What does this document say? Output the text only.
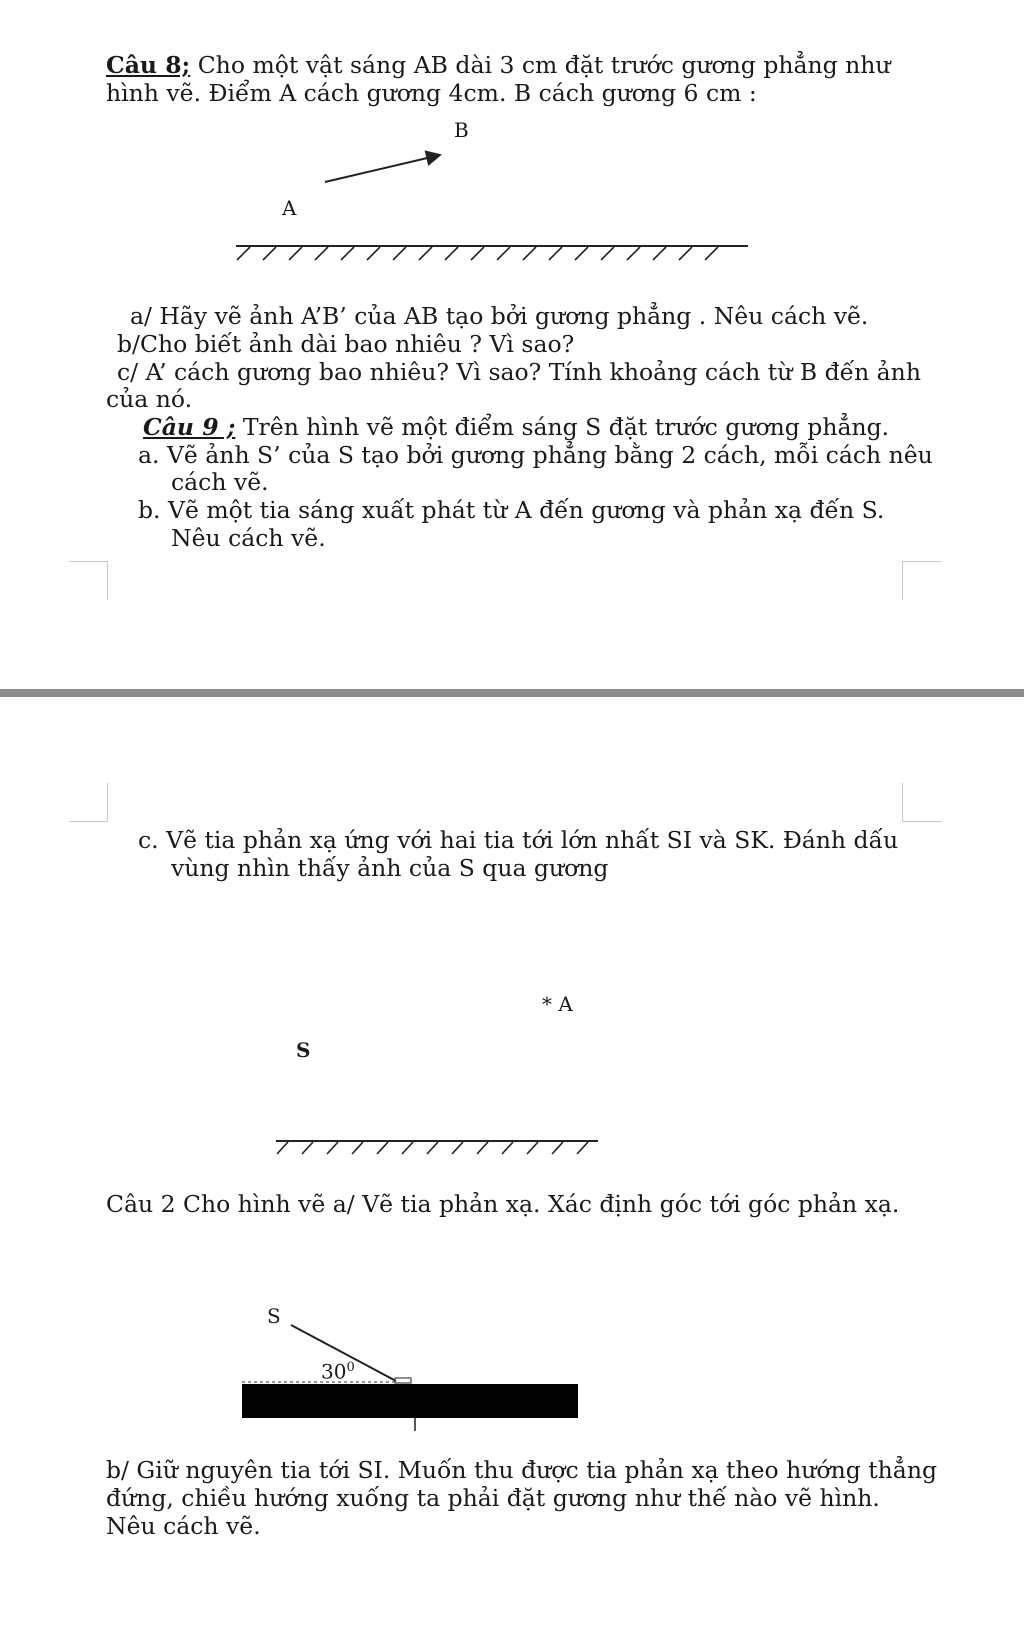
Câu 8; Cho một vật sáng AB dài 3 cm đặt trước gương phẳng như
hình vẽ. Điểm A cách gương 4cm. B cách gương 6 cm :
B
A
a/ Hãy vẽ ảnh A’B’ của AB tạo bởi gương phẳng . Nêu cách vẽ.
b/Cho biết ảnh dài bao nhiêu ? Vì sao?
c/ A’ cách gương bao nhiêu? Vì sao? Tính khoảng cách từ B đến ảnh
của nó.
Câu 9 ; Trên hình vẽ một điểm sáng S đặt trước gương phẳng.
a. Vẽ ảnh S’ của S tạo bởi gương phẳng bằng 2 cách, mỗi cách nêu
cách vẽ.
b. Vẽ một tia sáng xuất phát từ A đến gương và phản xạ đến S.
Nêu cách vẽ.
c. Vẽ tia phản xạ ứng với hai tia tới lớn nhất SI và SK. Đánh dấu
vùng nhìn thấy ảnh của S qua gương
* A
S
Câu 2 Cho hình vẽ a/ Vẽ tia phản xạ. Xác định góc tới góc phản xạ.
S
$30^0$
b/ Giữ nguyên tia tới SI. Muốn thu được tia phản xạ theo hướng thẳng
đứng, chiều hướng xuống ta phải đặt gương như thế nào vẽ hình.
Nêu cách vẽ.
